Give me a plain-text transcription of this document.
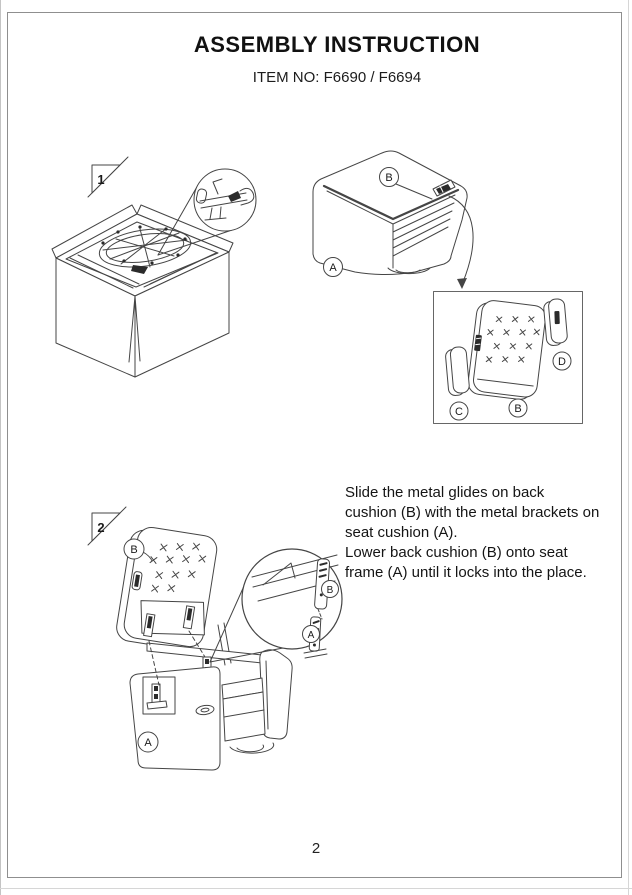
ASSEMBLY INSTRUCTION
ITEM NO: F6690 / F6694
1	B
A
C	B
D
2
B
A
B
A
Slide the metal glides on back
cushion (B) with the metal brackets on
seat cushion (A).
Lower back cushion (B) onto seat
frame (A) until it locks into the place.
2
